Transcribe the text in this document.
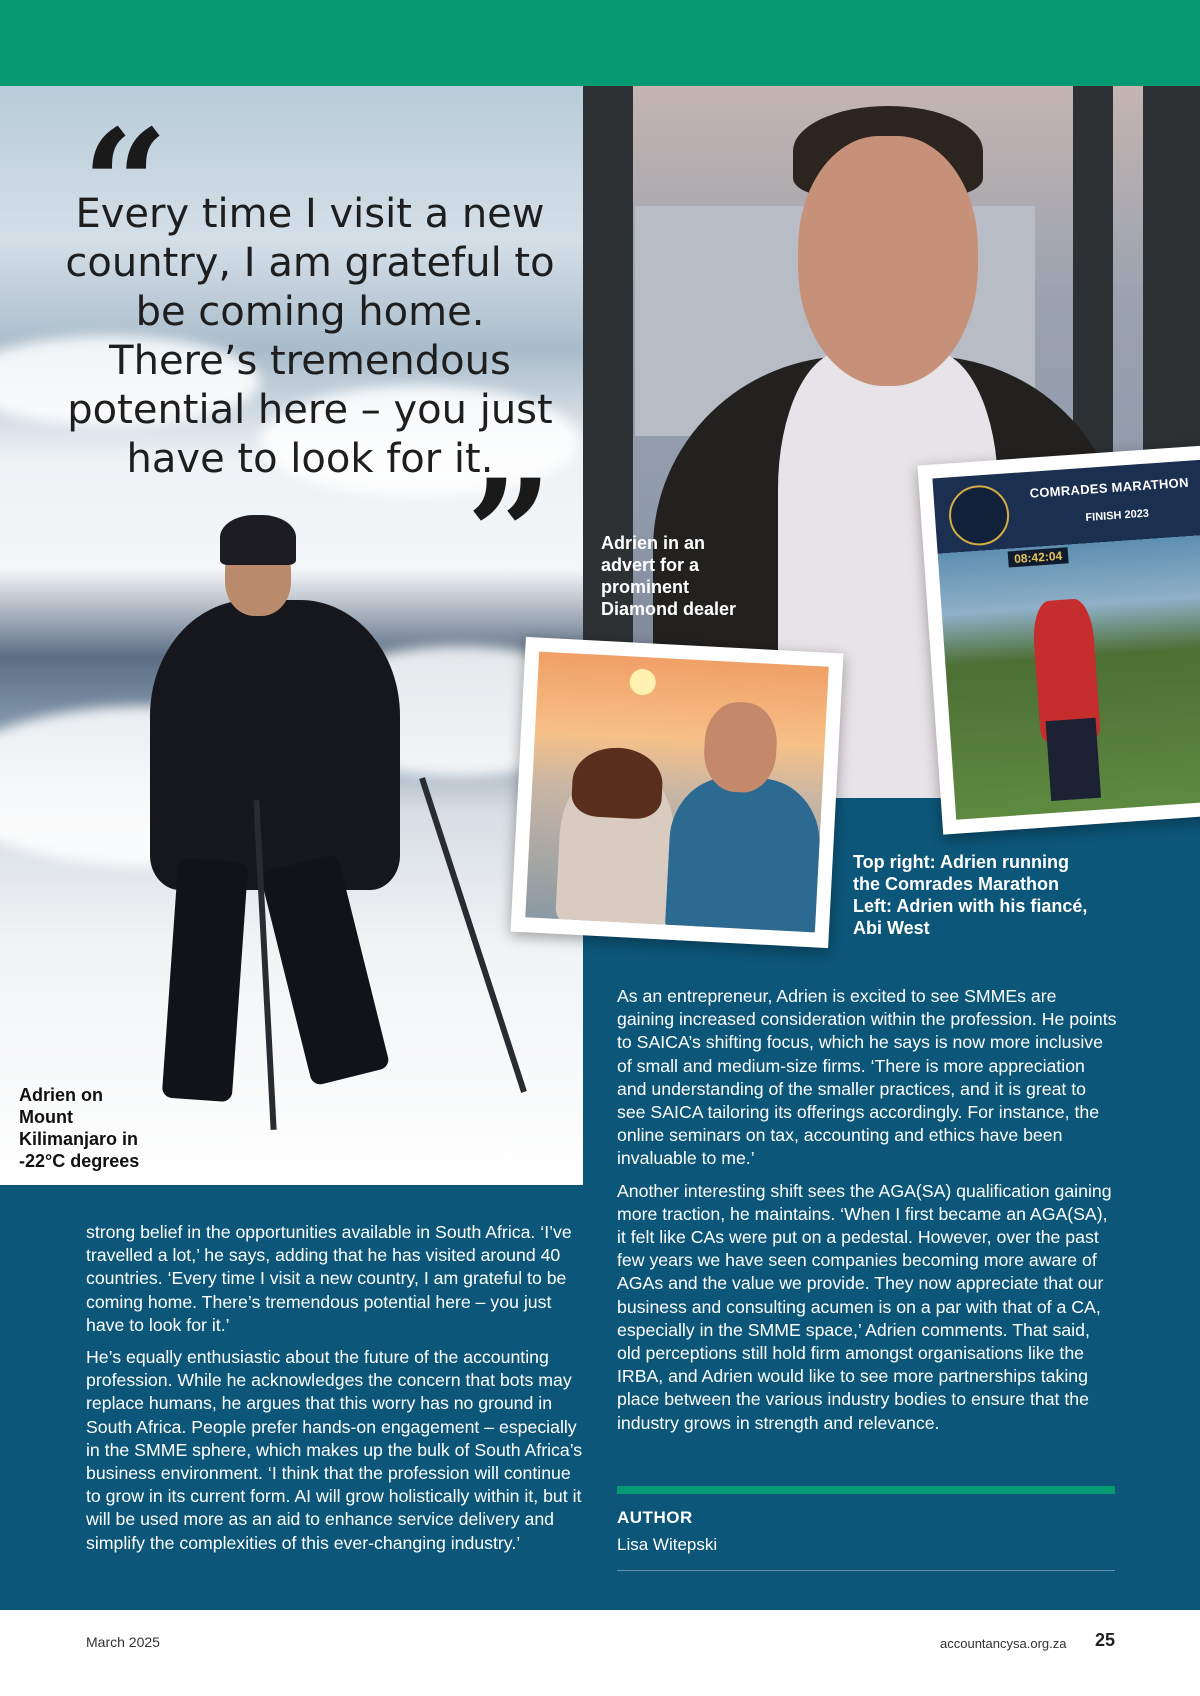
“

Every time I visit a new country, I am grateful to be coming home. There’s tremendous potential here – you just have to look for it.

”

Adrien on Mount Kilimanjaro in -22°C degrees

Adrien in an advert for a prominent Diamond dealer

COMRADES MARATHON
FINISH 2023
08:42:04

Top right: Adrien running the Comrades Marathon Left: Adrien with his fiancé, Abi West

As an entrepreneur, Adrien is excited to see SMMEs are gaining increased consideration within the profession. He points to SAICA’s shifting focus, which he says is now more inclusive of small and medium-size firms. ‘There is more appreciation and understanding of the smaller practices, and it is great to see SAICA tailoring its offerings accordingly. For instance, the online seminars on tax, accounting and ethics have been invaluable to me.’

Another interesting shift sees the AGA(SA) qualification gaining more traction, he maintains. ‘When I first became an AGA(SA), it felt like CAs were put on a pedestal. However, over the past few years we have seen companies becoming more aware of AGAs and the value we provide. They now appreciate that our business and consulting acumen is on a par with that of a CA, especially in the SMME space,’ Adrien comments. That said, old perceptions still hold firm amongst organisations like the IRBA, and Adrien would like to see more partnerships taking place between the various industry bodies to ensure that the industry grows in strength and relevance.

strong belief in the opportunities available in South Africa. ‘I’ve travelled a lot,’ he says, adding that he has visited around 40 countries. ‘Every time I visit a new country, I am grateful to be coming home. There’s tremendous potential here – you just have to look for it.’

He’s equally enthusiastic about the future of the accounting profession. While he acknowledges the concern that bots may replace humans, he argues that this worry has no ground in South Africa. People prefer hands-on engagement – especially in the SMME sphere, which makes up the bulk of South Africa’s business environment. ‘I think that the profession will continue to grow in its current form. AI will grow holistically within it, but it will be used more as an aid to enhance service delivery and simplify the complexities of this ever-changing industry.’

AUTHOR
Lisa Witepski
March 2025	accountancysa.org.za 25
